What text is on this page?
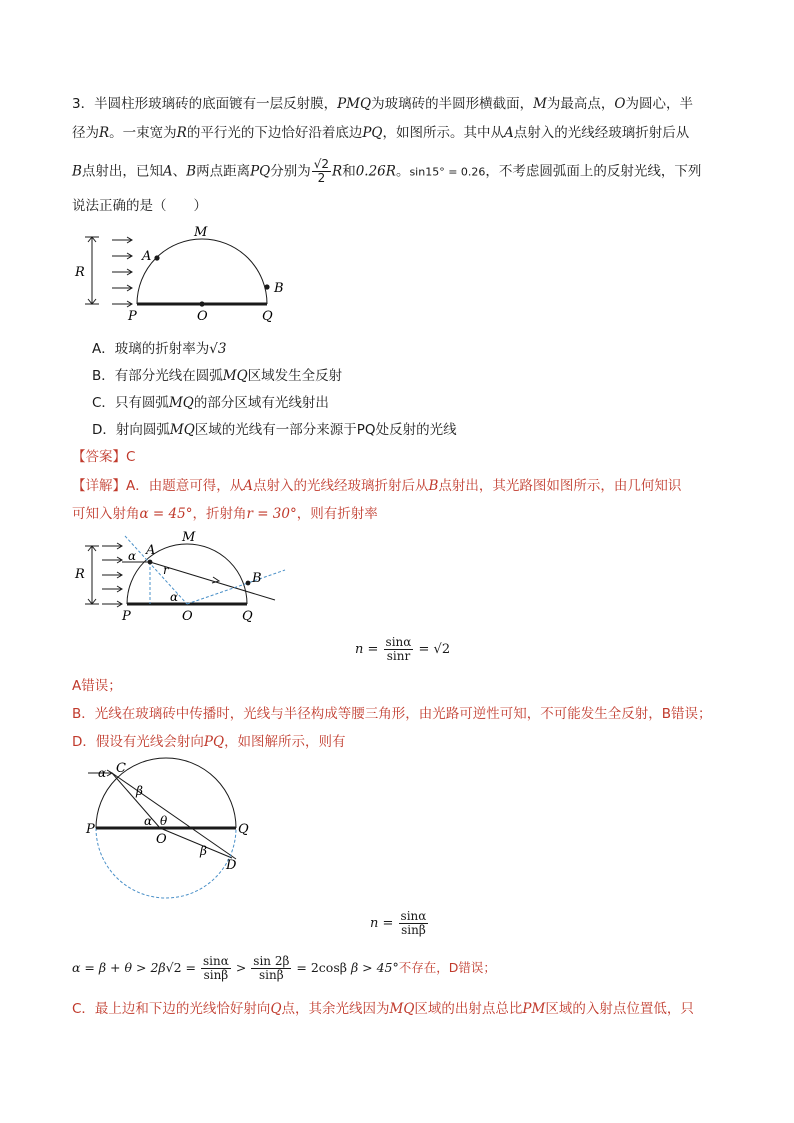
3．半圆柱形玻璃砖的底面镀有一层反射膜，PMQ为玻璃砖的半圆形横截面，M为最高点，O为圆心，半
径为R。一束宽为R的平行光的下边恰好沿着底边PQ，如图所示。其中从A点射入的光线经玻璃折射后从
B点射出，已知A、B两点距离PQ分别为 $\frac{√2}{2}$ R和0.26R。sin15° = 0.26，不考虑圆弧面上的反射光线，下列
说法正确的是（　　）
R
A
M
B
P	O	Q
A．玻璃的折射率为√3
B．有部分光线在圆弧MQ区域发生全反射
C．只有圆弧MQ的部分区域有光线射出
D．射向圆弧MQ区域的光线有一部分来源于PQ处反射的光线
【答案】C
【详解】A．由题意可得，从A点射入的光线经玻璃折射后从B点射出，其光路图如图所示，由几何知识
可知入射角α = 45°，折射角r = 30°，则有折射率
R
α A
M
r
α
B
P	O	Q
$n = \frac{\sin\alpha}{\sin r} = √2$
A错误；
B．光线在玻璃砖中传播时，光线与半径构成等腰三角形，由光路可逆性可知，不可能发生全反射，B错误；
D．假设有光线会射向PQ，如图解所示，则有
α C
β
α θ
P
O
Q
β
D
$n = \frac{\sin\alpha}{\sin\beta}$
$\alpha = \beta + \theta > 2\beta√2 = \frac{\sin\alpha}{\sin\beta} > \frac{\sin 2\beta}{\sin\beta} = 2\cos\beta$ β > 45°不存在，D错误；
C．最上边和下边的光线恰好射向Q点，其余光线因为MQ区域的出射点总比PM区域的入射点位置低，只
